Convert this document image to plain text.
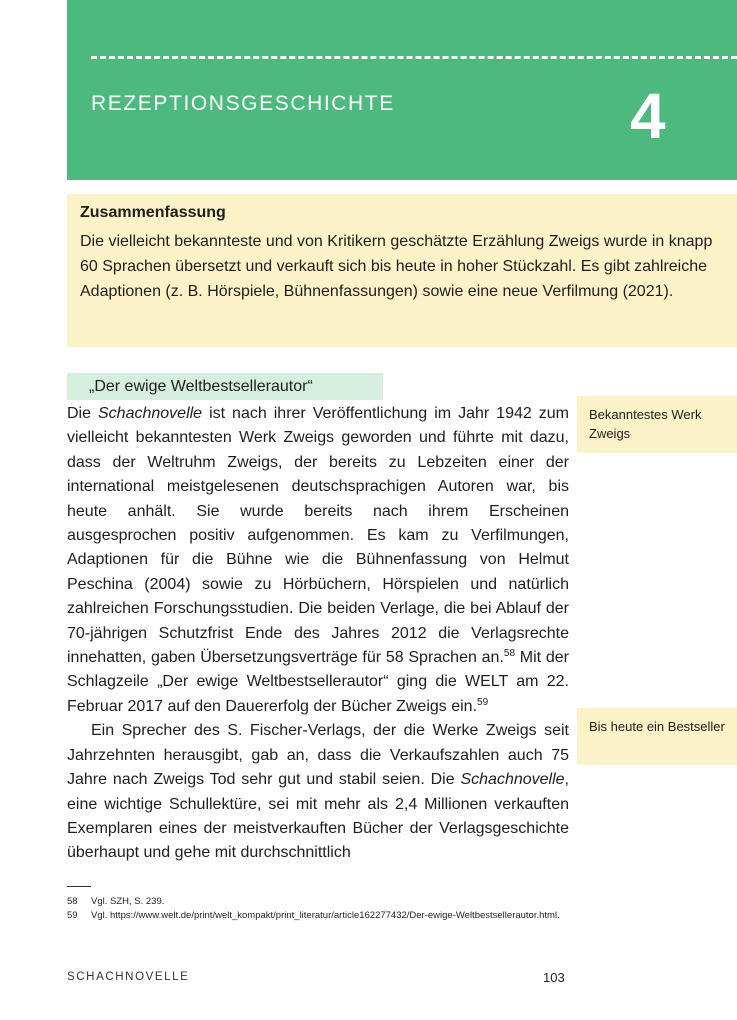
REZEPTIONSGESCHICHTE	4
Zusammenfassung
Die vielleicht bekannteste und von Kritikern geschätzte Erzählung Zweigs wurde in knapp 60 Sprachen übersetzt und verkauft sich bis heute in hoher Stückzahl. Es gibt zahlreiche Adaptionen (z. B. Hörspiele, Bühnenfassungen) sowie eine neue Verfilmung (2021).
„Der ewige Weltbestsellerautor“

Die Schachnovelle ist nach ihrer Veröffentlichung im Jahr 1942 zum vielleicht bekanntesten Werk Zweigs geworden und führte mit dazu, dass der Weltruhm Zweigs, der bereits zu Lebzeiten einer der international meistgelesenen deutschsprachigen Autoren war, bis heute anhält. Sie wurde bereits nach ihrem Erscheinen ausgesprochen positiv aufgenommen. Es kam zu Verfilmungen, Adaptionen für die Bühne wie die Bühnenfassung von Helmut Peschina (2004) sowie zu Hörbüchern, Hörspielen und natürlich zahlreichen Forschungsstudien. Die beiden Verlage, die bei Ablauf der 70-jährigen Schutzfrist Ende des Jahres 2012 die Verlagsrechte innehatten, gaben Übersetzungsverträge für 58 Sprachen an.$^{58}$ Mit der Schlagzeile „Der ewige Weltbestsellerautor“ ging die WELT am 22. Februar 2017 auf den Dauererfolg der Bücher Zweigs ein.$^{59}$

Ein Sprecher des S. Fischer-Verlags, der die Werke Zweigs seit Jahrzehnten herausgibt, gab an, dass die Verkaufszahlen auch 75 Jahre nach Zweigs Tod sehr gut und stabil seien. Die Schachnovelle, eine wichtige Schullektüre, sei mit mehr als 2,4 Millionen verkauften Exemplaren eines der meistverkauften Bücher der Verlagsgeschichte überhaupt und gehe mit durchschnittlich

Bekanntestes Werk Zweigs
Bis heute ein Bestseller
58	Vgl. SZH, S. 239.
59	Vgl. https://www.welt.de/print/welt_kompakt/print_literatur/article162277432/Der-ewige-Weltbestsellerautor.html.
SCHACHNOVELLE	103
